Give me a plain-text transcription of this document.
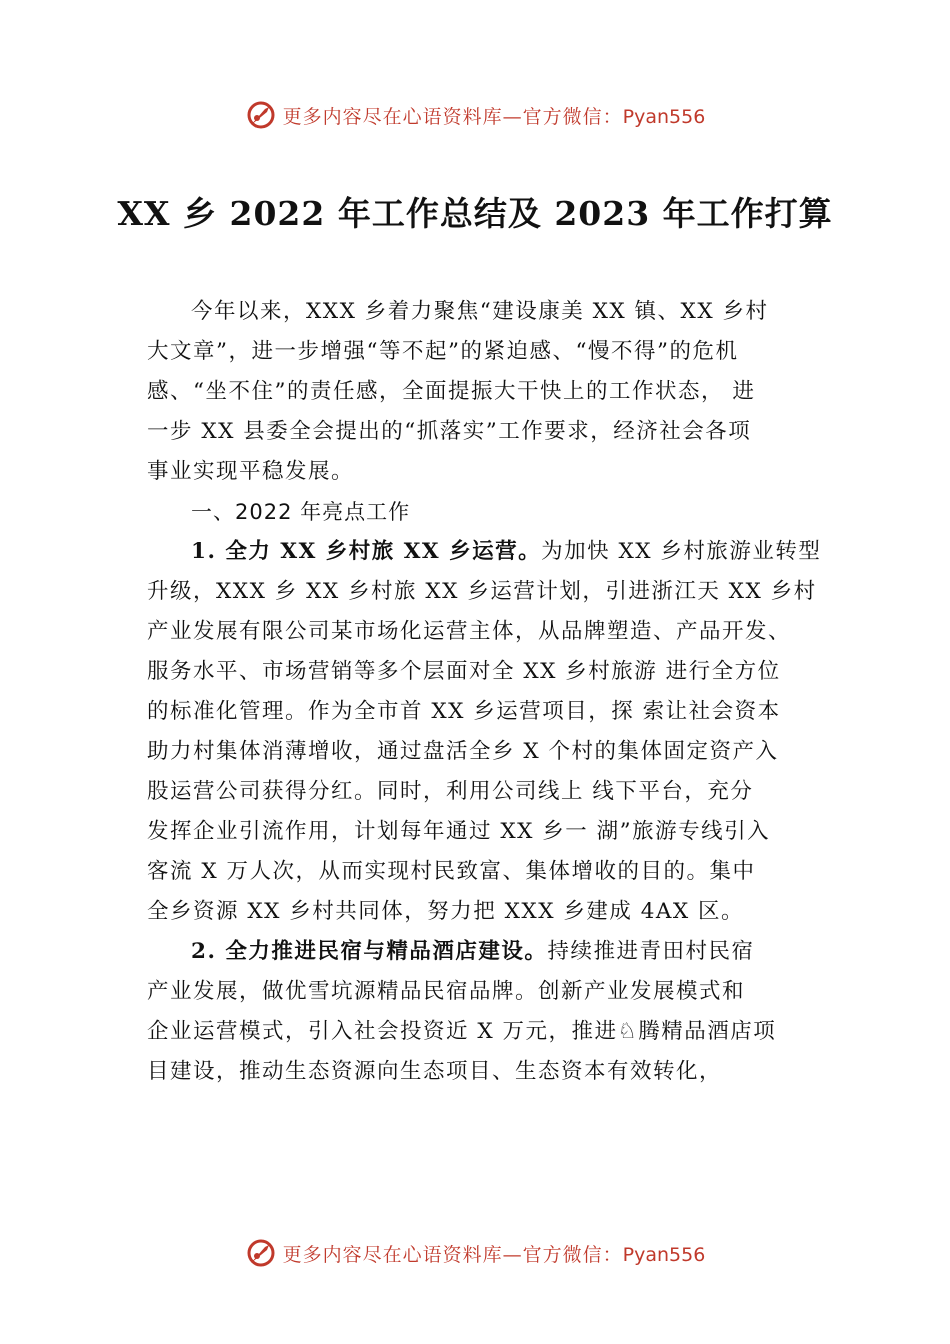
更多内容尽在心语资料库—官方微信：Pyan556
XX 乡 2022 年工作总结及 2023 年工作打算
今年以来，XXX 乡着力聚焦“建设康美 XX 镇、XX 乡村
大文章”，进一步增强“等不起”的紧迫感、“慢不得”的危机
感、“坐不住”的责任感，全面提振大干快上的工作状态， 进
一步 XX 县委全会提出的“抓落实”工作要求，经济社会各项
事业实现平稳发展。
一、2022 年亮点工作
1. 全力 XX 乡村旅 XX 乡运营。为加快 XX 乡村旅游业转型
升级，XXX 乡 XX 乡村旅 XX 乡运营计划，引进浙江天 XX 乡村
产业发展有限公司某市场化运营主体，从品牌塑造、产品开发、
服务水平、市场营销等多个层面对全 XX 乡村旅游 进行全方位
的标准化管理。作为全市首 XX 乡运营项目，探 索让社会资本
助力村集体消薄增收，通过盘活全乡 X 个村的集体固定资产入
股运营公司获得分红。同时，利用公司线上 线下平台，充分
发挥企业引流作用，计划每年通过 XX 乡一 湖”旅游专线引入
客流 X 万人次，从而实现村民致富、集体增收的目的。集中
全乡资源 XX 乡村共同体，努力把 XXX 乡建成 4AX 区。
2. 全力推进民宿与精品酒店建设。持续推进青田村民宿
产业发展，做优雪坑源精品民宿品牌。创新产业发展模式和
企业运营模式，引入社会投资近 X 万元，推进♘腾精品酒店项
目建设，推动生态资源向生态项目、生态资本有效转化，
更多内容尽在心语资料库—官方微信：Pyan556
